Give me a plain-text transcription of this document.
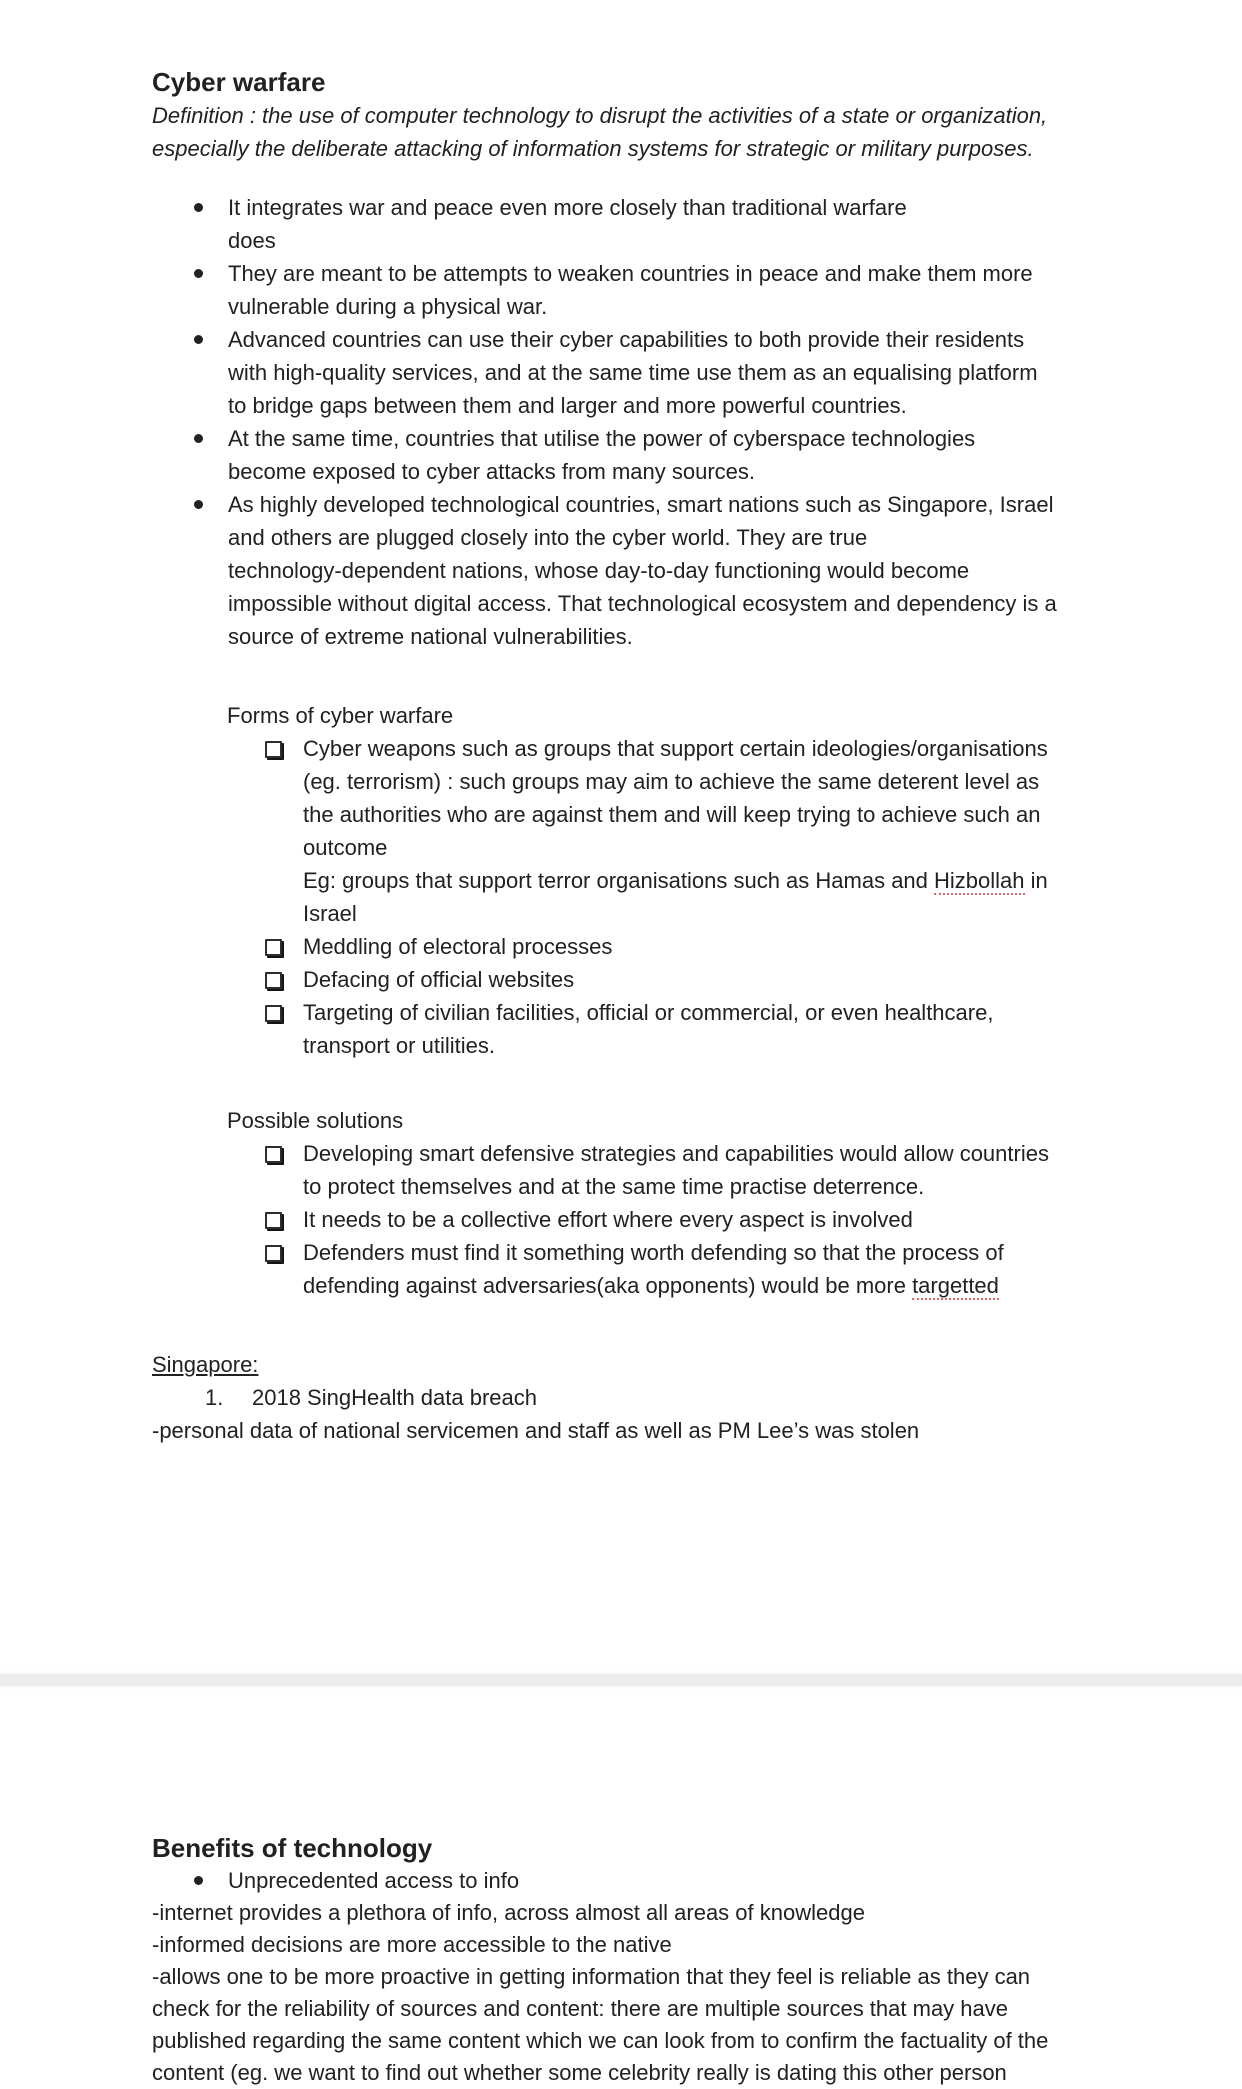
Cyber warfare
Definition : the use of computer technology to disrupt the activities of a state or organization,
especially the deliberate attacking of information systems for strategic or military purposes.
It integrates war and peace even more closely than traditional warfare
does
They are meant to be attempts to weaken countries in peace and make them more
vulnerable during a physical war.
Advanced countries can use their cyber capabilities to both provide their residents
with high-quality services, and at the same time use them as an equalising platform
to bridge gaps between them and larger and more powerful countries.
At the same time, countries that utilise the power of cyberspace technologies
become exposed to cyber attacks from many sources.
As highly developed technological countries, smart nations such as Singapore, Israel
and others are plugged closely into the cyber world. They are true
technology-dependent nations, whose day-to-day functioning would become
impossible without digital access. That technological ecosystem and dependency is a
source of extreme national vulnerabilities.
Forms of cyber warfare
Cyber weapons such as groups that support certain ideologies/organisations
(eg. terrorism) : such groups may aim to achieve the same deterent level as
the authorities who are against them and will keep trying to achieve such an
outcome
Eg: groups that support terror organisations such as Hamas and Hizbollah in
Israel
Meddling of electoral processes
Defacing of official websites
Targeting of civilian facilities, official or commercial, or even healthcare,
transport or utilities.
Possible solutions
Developing smart defensive strategies and capabilities would allow countries
to protect themselves and at the same time practise deterrence.
It needs to be a collective effort where every aspect is involved
Defenders must find it something worth defending so that the process of
defending against adversaries(aka opponents) would be more targetted
Singapore:
1. 2018 SingHealth data breach
-personal data of national servicemen and staff as well as PM Lee’s was stolen
Benefits of technology
Unprecedented access to info
-internet provides a plethora of info, across almost all areas of knowledge
-informed decisions are more accessible to the native
-allows one to be more proactive in getting information that they feel is reliable as they can
check for the reliability of sources and content: there are multiple sources that may have
published regarding the same content which we can look from to confirm the factuality of the
content (eg. we want to find out whether some celebrity really is dating this other person
